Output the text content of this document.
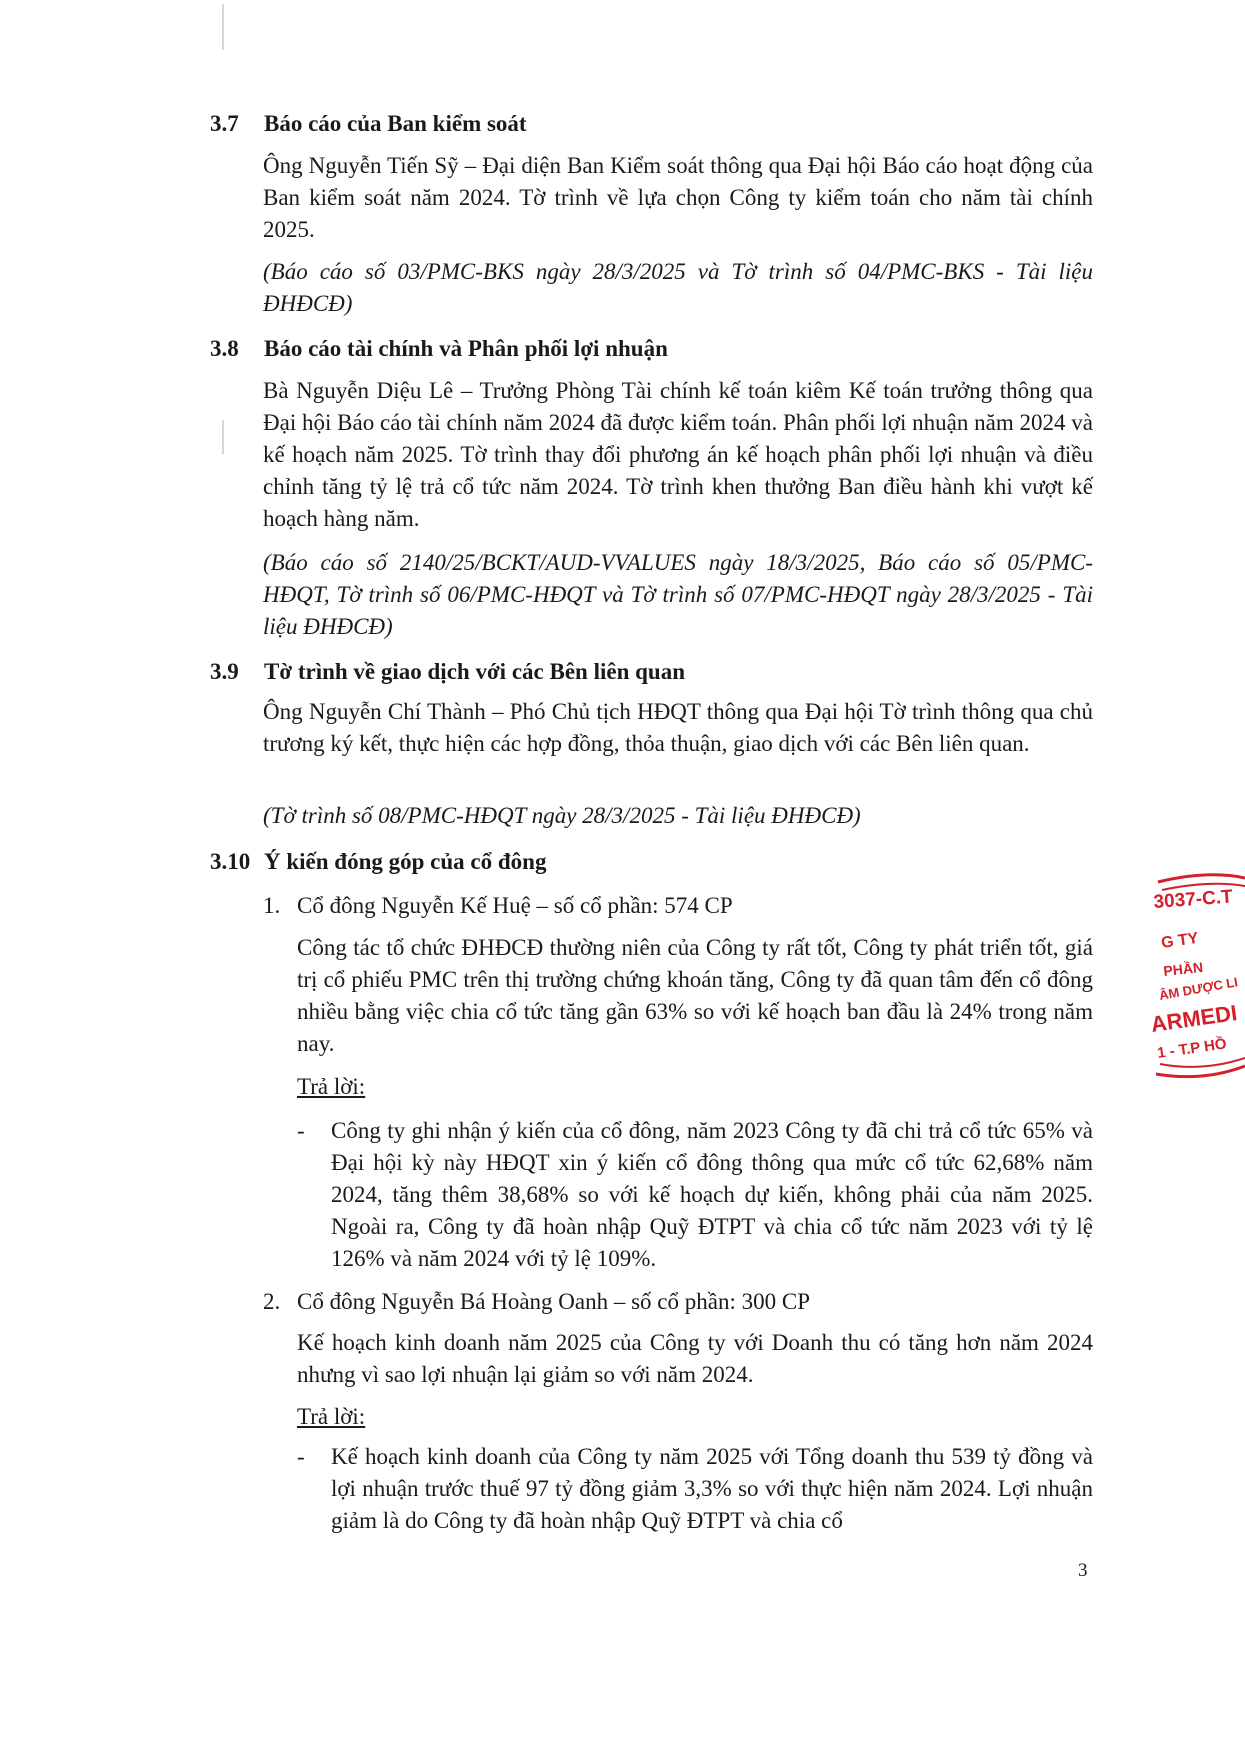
3.7 Báo cáo của Ban kiểm soát
Ông Nguyễn Tiến Sỹ – Đại diện Ban Kiểm soát thông qua Đại hội Báo cáo hoạt động của Ban kiểm soát năm 2024. Tờ trình về lựa chọn Công ty kiểm toán cho năm tài chính 2025.
(Báo cáo số 03/PMC-BKS ngày 28/3/2025 và Tờ trình số 04/PMC-BKS - Tài liệu ĐHĐCĐ)
3.8 Báo cáo tài chính và Phân phối lợi nhuận
Bà Nguyễn Diệu Lê – Trưởng Phòng Tài chính kế toán kiêm Kế toán trưởng thông qua Đại hội Báo cáo tài chính năm 2024 đã được kiểm toán. Phân phối lợi nhuận năm 2024 và kế hoạch năm 2025. Tờ trình thay đổi phương án kế hoạch phân phối lợi nhuận và điều chỉnh tăng tỷ lệ trả cổ tức năm 2024. Tờ trình khen thưởng Ban điều hành khi vượt kế hoạch hàng năm.
(Báo cáo số 2140/25/BCKT/AUD-VVALUES ngày 18/3/2025, Báo cáo số 05/PMC-HĐQT, Tờ trình số 06/PMC-HĐQT và Tờ trình số 07/PMC-HĐQT ngày 28/3/2025 - Tài liệu ĐHĐCĐ)
3.9 Tờ trình về giao dịch với các Bên liên quan
Ông Nguyễn Chí Thành – Phó Chủ tịch HĐQT thông qua Đại hội Tờ trình thông qua chủ trương ký kết, thực hiện các hợp đồng, thỏa thuận, giao dịch với các Bên liên quan.
(Tờ trình số 08/PMC-HĐQT ngày 28/3/2025 - Tài liệu ĐHĐCĐ)
3.10 Ý kiến đóng góp của cổ đông
1. Cổ đông Nguyễn Kế Huệ – số cổ phần: 574 CP
Công tác tổ chức ĐHĐCĐ thường niên của Công ty rất tốt, Công ty phát triển tốt, giá trị cổ phiếu PMC trên thị trường chứng khoán tăng, Công ty đã quan tâm đến cổ đông nhiều bằng việc chia cổ tức tăng gần 63% so với kế hoạch ban đầu là 24% trong năm nay.
Trả lời:
-	Công ty ghi nhận ý kiến của cổ đông, năm 2023 Công ty đã chi trả cổ tức 65% và Đại hội kỳ này HĐQT xin ý kiến cổ đông thông qua mức cổ tức 62,68% năm 2024, tăng thêm 38,68% so với kế hoạch dự kiến, không phải của năm 2025. Ngoài ra, Công ty đã hoàn nhập Quỹ ĐTPT và chia cổ tức năm 2023 với tỷ lệ 126% và năm 2024 với tỷ lệ 109%.
2. Cổ đông Nguyễn Bá Hoàng Oanh – số cổ phần: 300 CP
Kế hoạch kinh doanh năm 2025 của Công ty với Doanh thu có tăng hơn năm 2024 nhưng vì sao lợi nhuận lại giảm so với năm 2024.
Trả lời:
-	Kế hoạch kinh doanh của Công ty năm 2025 với Tổng doanh thu 539 tỷ đồng và lợi nhuận trước thuế 97 tỷ đồng giảm 3,3% so với thực hiện năm 2024. Lợi nhuận giảm là do Công ty đã hoàn nhập Quỹ ĐTPT và chia cổ
3
3037-C.T
G TY
PHẦN
ÂM DƯỢC LI
ARMEDI
1 - T.P HỒ
